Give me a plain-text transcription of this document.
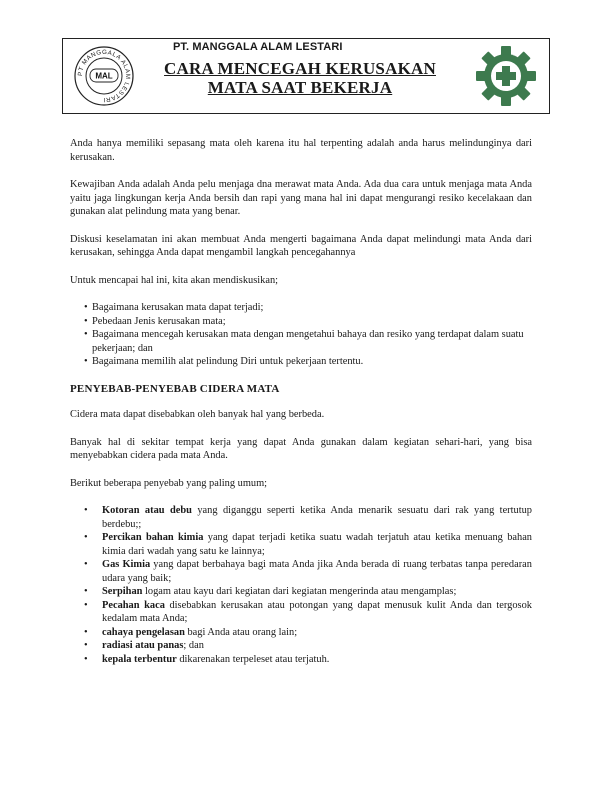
PT MANGGALA ALAM LESTARI
MAL
PT. MANGGALA ALAM LESTARI
CARA MENCEGAH KERUSAKAN
MATA SAAT BEKERJA

Anda hanya memiliki sepasang mata oleh karena itu hal terpenting adalah anda harus melindunginya dari kerusakan.

Kewajiban Anda adalah Anda pelu menjaga dna merawat mata Anda. Ada dua cara untuk menjaga mata Anda yaitu jaga lingkungan kerja Anda bersih dan rapi yang mana hal ini dapat mengurangi resiko kecelakaan dan gunakan alat pelindung mata yang benar.

Diskusi keselamatan ini akan membuat Anda mengerti bagaimana Anda dapat melindungi mata Anda dari kerusakan, sehingga Anda dapat mengambil langkah pencegahannya

Untuk mencapai hal ini, kita akan mendiskusikan;

• Bagaimana kerusakan mata dapat terjadi;
• Pebedaan Jenis kerusakan mata;
• Bagaimana mencegah kerusakan mata dengan mengetahui bahaya dan resiko yang terdapat dalam suatu pekerjaan; dan
• Bagaimana memilih alat pelindung Diri untuk pekerjaan tertentu.
PENYEBAB-PENYEBAB CIDERA MATA

Cidera mata dapat disebabkan oleh banyak hal yang berbeda.

Banyak hal di sekitar tempat kerja yang dapat Anda gunakan dalam kegiatan sehari-hari, yang bisa menyebabkan cidera pada mata Anda.

Berikut beberapa penyebab yang paling umum;

• Kotoran atau debu yang diganggu seperti ketika Anda menarik sesuatu dari rak yang tertutup berdebu;;
• Percikan bahan kimia yang dapat terjadi ketika suatu wadah terjatuh atau ketika menuang bahan kimia dari wadah yang satu ke lainnya;
• Gas Kimia yang dapat berbahaya bagi mata Anda jika Anda berada di ruang terbatas tanpa peredaran udara yang baik;
• Serpihan logam atau kayu dari kegiatan dari kegiatan mengerinda atau mengamplas;
• Pecahan kaca disebabkan kerusakan atau potongan yang dapat menusuk kulit Anda dan tergosok kedalam mata Anda;
• cahaya pengelasan bagi Anda atau orang lain;
• radiasi atau panas; dan
• kepala terbentur dikarenakan terpeleset atau terjatuh.
